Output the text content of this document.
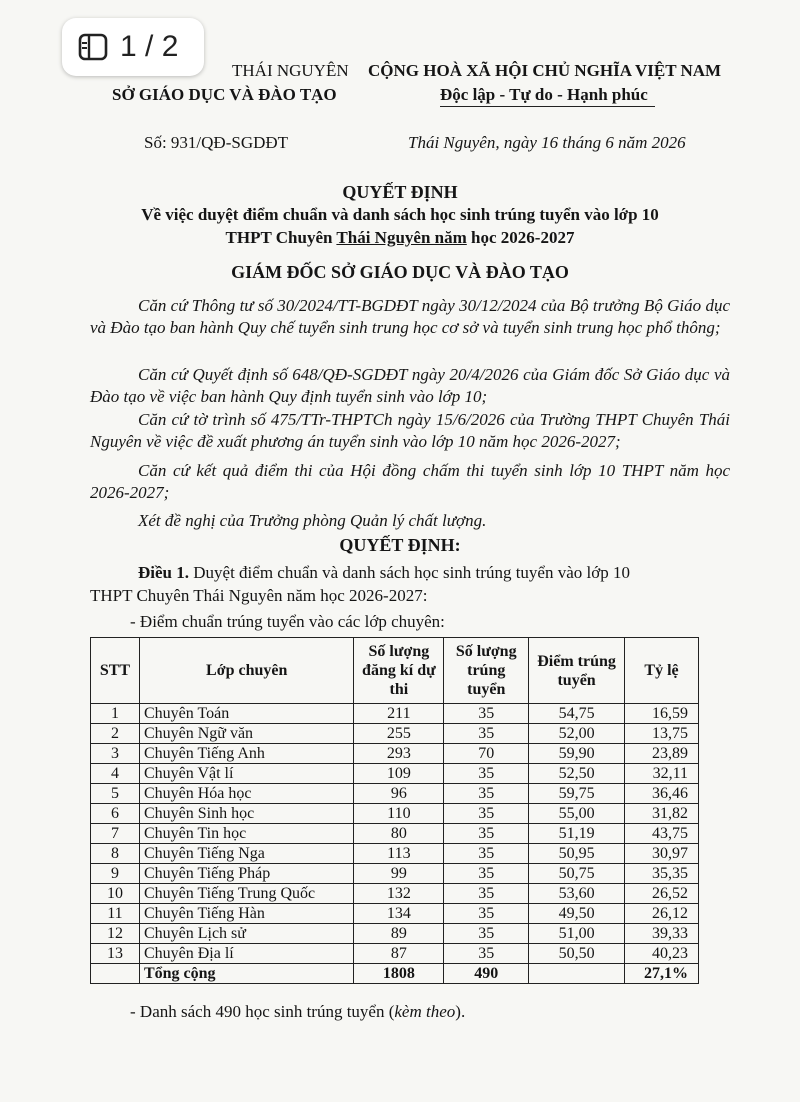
1 / 2
THÁI NGUYÊN
SỞ GIÁO DỤC VÀ ĐÀO TẠO
CỘNG HOÀ XÃ HỘI CHỦ NGHĨA VIỆT NAM
Độc lập - Tự do - Hạnh phúc
Số: 931/QĐ-SGDĐT	Thái Nguyên, ngày 16 tháng 6 năm 2026
QUYẾT ĐỊNH
Về việc duyệt điểm chuẩn và danh sách học sinh trúng tuyển vào lớp 10
THPT Chuyên Thái Nguyên năm học 2026-2027
GIÁM ĐỐC SỞ GIÁO DỤC VÀ ĐÀO TẠO
Căn cứ Thông tư số 30/2024/TT-BGDĐT ngày 30/12/2024 của Bộ trưởng Bộ Giáo dục và Đào tạo ban hành Quy chế tuyển sinh trung học cơ sở và tuyển sinh trung học phổ thông;
Căn cứ Quyết định số 648/QĐ-SGDĐT ngày 20/4/2026 của Giám đốc Sở Giáo dục và Đào tạo về việc ban hành Quy định tuyển sinh vào lớp 10;
Căn cứ tờ trình số 475/TTr-THPTCh ngày 15/6/2026 của Trường THPT Chuyên Thái Nguyên về việc đề xuất phương án tuyển sinh vào lớp 10 năm học 2026-2027;
Căn cứ kết quả điểm thi của Hội đồng chấm thi tuyển sinh lớp 10 THPT năm học 2026-2027;
Xét đề nghị của Trưởng phòng Quản lý chất lượng.
QUYẾT ĐỊNH:
Điều 1. Duyệt điểm chuẩn và danh sách học sinh trúng tuyển vào lớp 10
THPT Chuyên Thái Nguyên năm học 2026-2027:
- Điểm chuẩn trúng tuyển vào các lớp chuyên:
STT	Lớp chuyên	Số lượng đăng kí dự thi	Số lượng trúng tuyển	Điểm trúng tuyển	Tỷ lệ
1	Chuyên Toán	211	35	54,75	16,59
2	Chuyên Ngữ văn	255	35	52,00	13,75
3	Chuyên Tiếng Anh	293	70	59,90	23,89
4	Chuyên Vật lí	109	35	52,50	32,11
5	Chuyên Hóa học	96	35	59,75	36,46
6	Chuyên Sinh học	110	35	55,00	31,82
7	Chuyên Tin học	80	35	51,19	43,75
8	Chuyên Tiếng Nga	113	35	50,95	30,97
9	Chuyên Tiếng Pháp	99	35	50,75	35,35
10	Chuyên Tiếng Trung Quốc	132	35	53,60	26,52
11	Chuyên Tiếng Hàn	134	35	49,50	26,12
12	Chuyên Lịch sử	89	35	51,00	39,33
13	Chuyên Địa lí	87	35	50,50	40,23
	Tổng cộng	1808	490		27,1%
- Danh sách 490 học sinh trúng tuyển (kèm theo).
